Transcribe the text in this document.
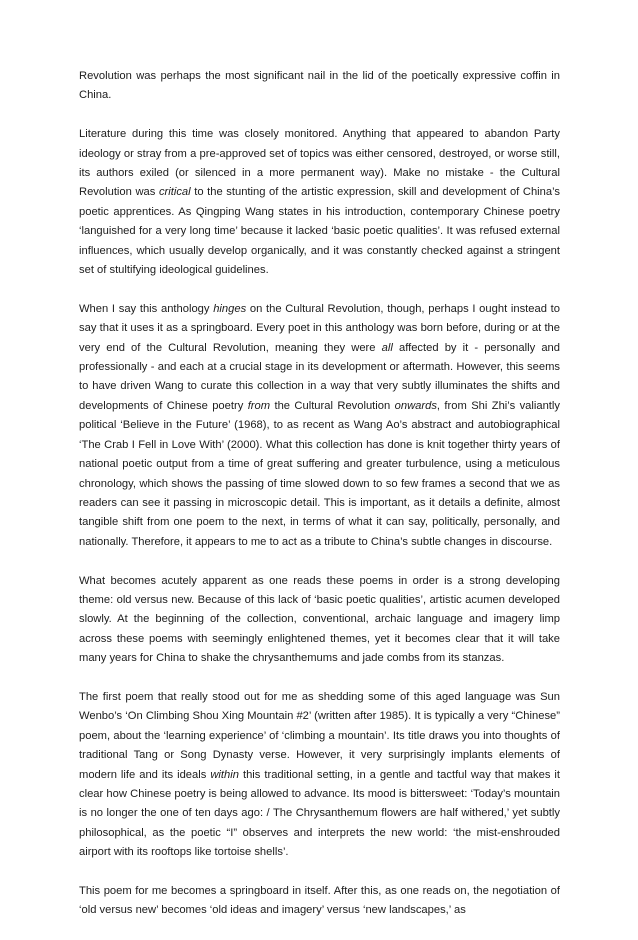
Revolution was perhaps the most significant nail in the lid of the poetically expressive coffin in China.

Literature during this time was closely monitored. Anything that appeared to abandon Party ideology or stray from a pre-approved set of topics was either censored, destroyed, or worse still, its authors exiled (or silenced in a more permanent way). Make no mistake - the Cultural Revolution was critical to the stunting of the artistic expression, skill and development of China’s poetic apprentices. As Qingping Wang states in his introduction, contemporary Chinese poetry ‘languished for a very long time’ because it lacked ‘basic poetic qualities’. It was refused external influences, which usually develop organically, and it was constantly checked against a stringent set of stultifying ideological guidelines.

When I say this anthology hinges on the Cultural Revolution, though, perhaps I ought instead to say that it uses it as a springboard. Every poet in this anthology was born before, during or at the very end of the Cultural Revolution, meaning they were all affected by it - personally and professionally - and each at a crucial stage in its development or aftermath. However, this seems to have driven Wang to curate this collection in a way that very subtly illuminates the shifts and developments of Chinese poetry from the Cultural Revolution onwards, from Shi Zhi’s valiantly political ‘Believe in the Future’ (1968), to as recent as Wang Ao’s abstract and autobiographical ‘The Crab I Fell in Love With’ (2000). What this collection has done is knit together thirty years of national poetic output from a time of great suffering and greater turbulence, using a meticulous chronology, which shows the passing of time slowed down to so few frames a second that we as readers can see it passing in microscopic detail. This is important, as it details a definite, almost tangible shift from one poem to the next, in terms of what it can say, politically, personally, and nationally. Therefore, it appears to me to act as a tribute to China’s subtle changes in discourse.

What becomes acutely apparent as one reads these poems in order is a strong developing theme: old versus new. Because of this lack of ‘basic poetic qualities’, artistic acumen developed slowly. At the beginning of the collection, conventional, archaic language and imagery limp across these poems with seemingly enlightened themes, yet it becomes clear that it will take many years for China to shake the chrysanthemums and jade combs from its stanzas.

The first poem that really stood out for me as shedding some of this aged language was Sun Wenbo’s ‘On Climbing Shou Xing Mountain #2’ (written after 1985). It is typically a very “Chinese” poem, about the ‘learning experience’ of ‘climbing a mountain’. Its title draws you into thoughts of traditional Tang or Song Dynasty verse. However, it very surprisingly implants elements of modern life and its ideals within this traditional setting, in a gentle and tactful way that makes it clear how Chinese poetry is being allowed to advance. Its mood is bittersweet: ‘Today’s mountain is no longer the one of ten days ago: / The Chrysanthemum flowers are half withered,’ yet subtly philosophical, as the poetic “I” observes and interprets the new world: ‘the mist-enshrouded airport with its rooftops like tortoise shells’.

This poem for me becomes a springboard in itself. After this, as one reads on, the negotiation of ‘old versus new’ becomes ‘old ideas and imagery’ versus ‘new landscapes,’ as
